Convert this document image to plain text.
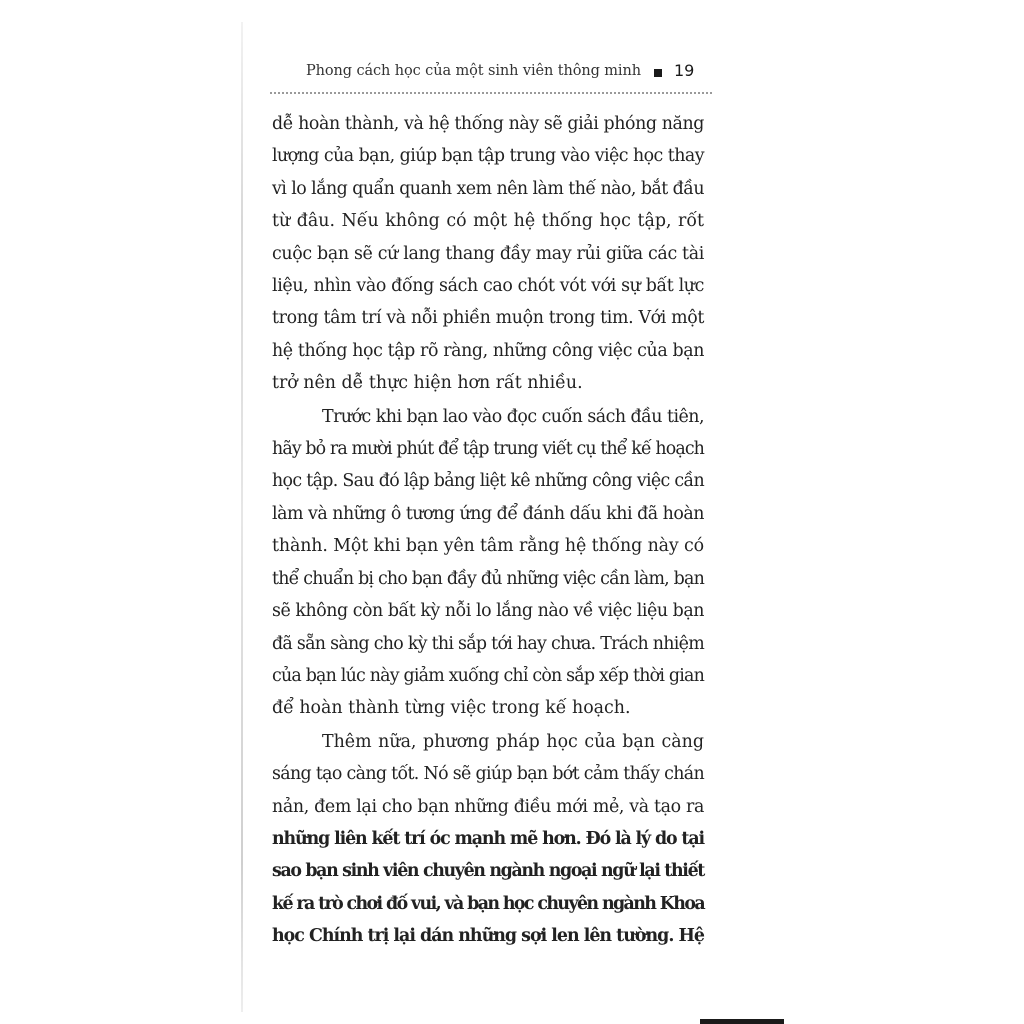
Phong cách học của một sinh viên thông minh 19

dễ hoàn thành, và hệ thống này sẽ giải phóng năng
lượng của bạn, giúp bạn tập trung vào việc học thay
vì lo lắng quẩn quanh xem nên làm thế nào, bắt đầu
từ đâu. Nếu không có một hệ thống học tập, rốt
cuộc bạn sẽ cứ lang thang đầy may rủi giữa các tài
liệu, nhìn vào đống sách cao chót vót với sự bất lực
trong tâm trí và nỗi phiền muộn trong tim. Với một
hệ thống học tập rõ ràng, những công việc của bạn
trở nên dễ thực hiện hơn rất nhiều.

Trước khi bạn lao vào đọc cuốn sách đầu tiên,
hãy bỏ ra mười phút để tập trung viết cụ thể kế hoạch
học tập. Sau đó lập bảng liệt kê những công việc cần
làm và những ô tương ứng để đánh dấu khi đã hoàn
thành. Một khi bạn yên tâm rằng hệ thống này có
thể chuẩn bị cho bạn đầy đủ những việc cần làm, bạn
sẽ không còn bất kỳ nỗi lo lắng nào về việc liệu bạn
đã sẵn sàng cho kỳ thi sắp tới hay chưa. Trách nhiệm
của bạn lúc này giảm xuống chỉ còn sắp xếp thời gian
để hoàn thành từng việc trong kế hoạch.

Thêm nữa, phương pháp học của bạn càng
sáng tạo càng tốt. Nó sẽ giúp bạn bớt cảm thấy chán
nản, đem lại cho bạn những điều mới mẻ, và tạo ra
những liên kết trí óc mạnh mẽ hơn. Đó là lý do tại
sao bạn sinh viên chuyên ngành ngoại ngữ lại thiết
kế ra trò chơi đố vui, và bạn học chuyên ngành Khoa
học Chính trị lại dán những sợi len lên tường. Hệ
